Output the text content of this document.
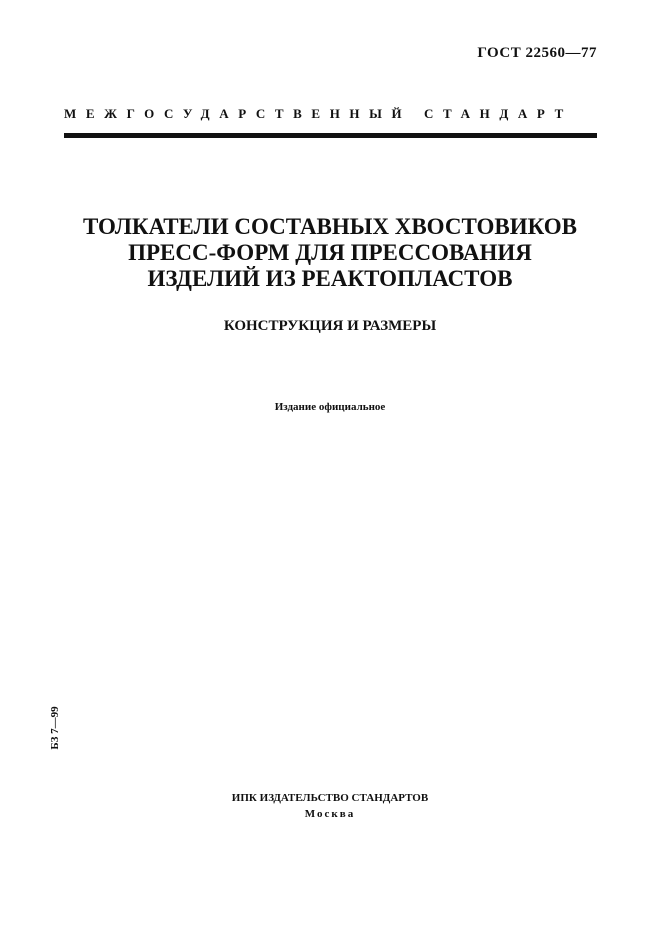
ГОСТ 22560—77
МЕЖГОСУДАРСТВЕННЫЙ СТАНДАРТ
ТОЛКАТЕЛИ СОСТАВНЫХ ХВОСТОВИКОВ
ПРЕСС-ФОРМ ДЛЯ ПРЕССОВАНИЯ
ИЗДЕЛИЙ ИЗ РЕАКТОПЛАСТОВ
КОНСТРУКЦИЯ И РАЗМЕРЫ
Издание официальное
БЗ 7—99
ИПК ИЗДАТЕЛЬСТВО СТАНДАРТОВ
Москва
